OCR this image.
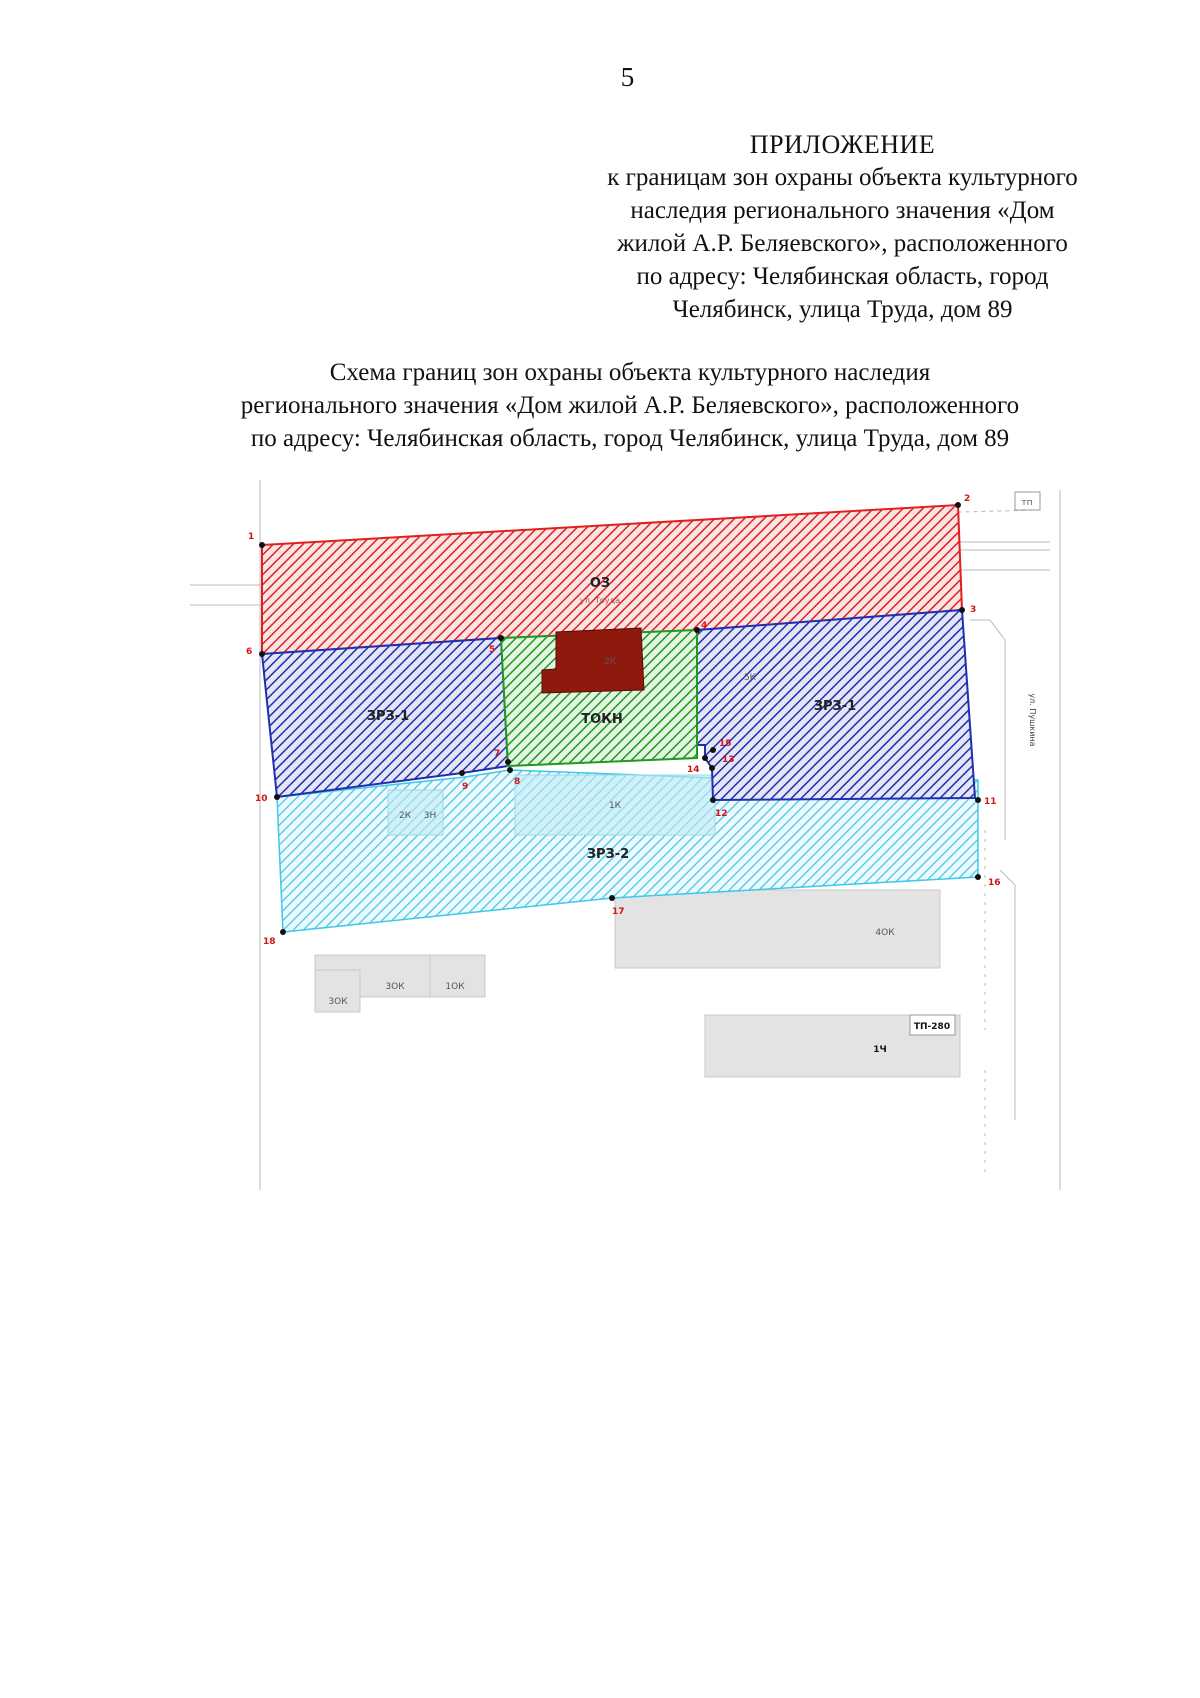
5
ПРИЛОЖЕНИЕ
к границам зон охраны объекта культурного
наследия регионального значения «Дом
жилой А.Р. Беляевского», расположенного
по адресу: Челябинская область, город
Челябинск, улица Труда, дом 89
Схема границ зон охраны объекта культурного наследия
регионального значения «Дом жилой А.Р. Беляевского», расположенного
по адресу: Челябинская область, город Челябинск, улица Труда, дом 89
тп
4ОК
1ОК
3ОК
3ОК
1Ч
ТП-280
2К 3Н
1К
5К
2К
ОЗ
ул. Труда
ТОКН
ЗРЗ-1
ЗРЗ-1
ЗРЗ-2
ул. Пушкина
1
2
3
4
5
6
7
8
9
10	11
12
13
14
15
16
17
18
